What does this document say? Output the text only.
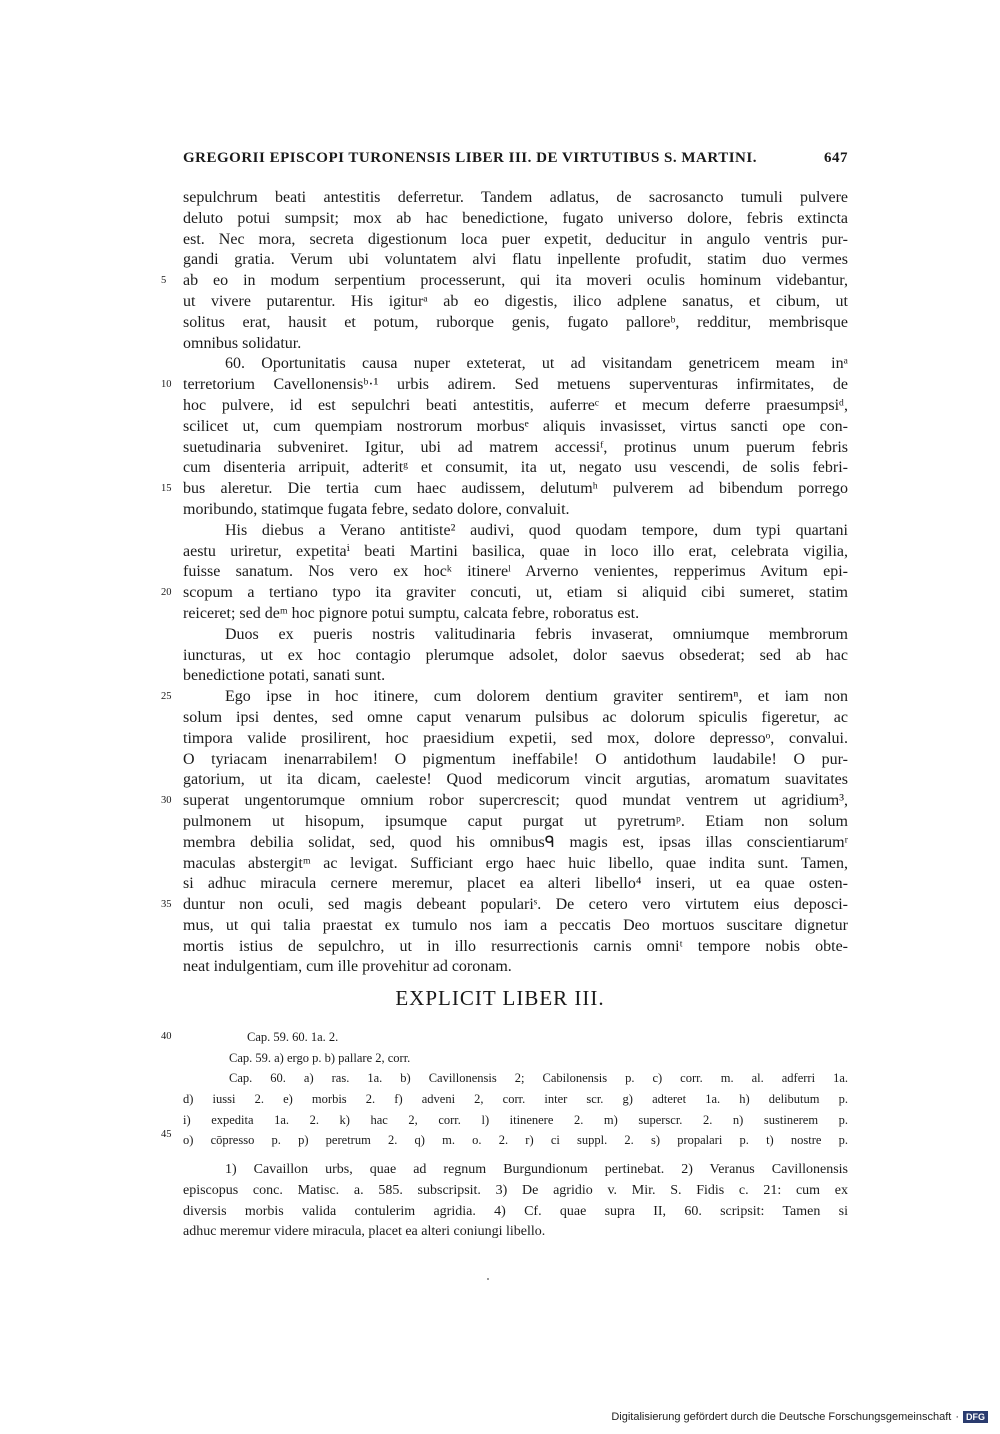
GREGORII EPISCOPI TURONENSIS LIBER III. DE VIRTUTIBUS S. MARTINI.	647
sepulchrum beati antestitis deferretur. Tandem adlatus, de sacrosancto tumuli pulvere
deluto potui sumpsit; mox ab hac benedictione, fugato universo dolore, febris extincta
est. Nec mora, secreta digestionum loca puer expetit, deducitur in angulo ventris pur-
gandi gratia. Verum ubi voluntatem alvi flatu inpellente profudit, statim duo vermes
ab eo in modum serpentium processerunt, qui ita moveri oculis hominum videbantur,
ut vivere putarentur. His igiturᵃ ab eo digestis, ilico adplene sanatus, et cibum, ut
solitus erat, hausit et potum, ruborque genis, fugato palloreᵇ, redditur, membrisque
omnibus solidatur.
60. Oportunitatis causa nuper exteterat, ut ad visitandam genetricem meam inᵃ
terretorium Cavellonensisᵇ·¹ urbis adirem. Sed metuens superventuras infirmitates, de
hoc pulvere, id est sepulchri beati antestitis, auferreᶜ et mecum deferre praesumpsiᵈ,
scilicet ut, cum quempiam nostrorum morbusᵉ aliquis invasisset, virtus sancti ope con-
suetudinaria subveniret. Igitur, ubi ad matrem accessiᶠ, protinus unum puerum febris
cum disenteria arripuit, adteritᵍ et consumit, ita ut, negato usu vescendi, de solis febri-
bus aleretur. Die tertia cum haec audissem, delutumʰ pulverem ad bibendum porrego
moribundo, statimque fugata febre, sedato dolore, convaluit.
His diebus a Verano antitiste² audivi, quod quodam tempore, dum typi quartani
aestu uriretur, expetitaⁱ beati Martini basilica, quae in loco illo erat, celebrata vigilia,
fuisse sanatum. Nos vero ex hocᵏ itinereˡ Arverno venientes, repperimus Avitum epi-
scopum a tertiano typo ita graviter concuti, ut, etiam si aliquid cibi sumeret, statim
reiceret; sed deᵐ hoc pignore potui sumptu, calcata febre, roboratus est.
Duos ex pueris nostris valitudinaria febris invaserat, omniumque membrorum
iuncturas, ut ex hoc contagio plerumque adsolet, dolor saevus obsederat; sed ab hac
benedictione potati, sanati sunt.
Ego ipse in hoc itinere, cum dolorem dentium graviter sentiremⁿ, et iam non
solum ipsi dentes, sed omne caput venarum pulsibus ac dolorum spiculis figeretur, ac
timpora valide prosilirent, hoc praesidium expetii, sed mox, dolore depressoᵒ, convalui.
O tyriacam inenarrabilem! O pigmentum ineffabile! O antidothum laudabile! O pur-
gatorium, ut ita dicam, caeleste! Quod medicorum vincit argutias, aromatum suavitates
superat ungentorumque omnium robor supercrescit; quod mundat ventrem ut agridium³,
pulmonem ut hisopum, ipsumque caput purgat ut pyretrumᵖ. Etiam non solum
membra debilia solidat, sed, quod his omnibusᑫ magis est, ipsas illas conscientiarumʳ
maculas abstergitᵐ ac levigat. Sufficiant ergo haec huic libello, quae indita sunt. Tamen,
si adhuc miracula cernere meremur, placet ea alteri libello⁴ inseri, ut ea quae osten-
duntur non oculi, sed magis debeant populariˢ. De cetero vero virtutem eius deposci-
mus, ut qui talia praestat ex tumulo nos iam a peccatis Deo mortuos suscitare dignetur
mortis istius de sepulchro, ut in illo resurrectionis carnis omniᵗ tempore nobis obte-
neat indulgentiam, cum ille provehitur ad coronam.
5
10
15
20
25
30
35
EXPLICIT LIBER III.
40
45
Cap. 59. 60. 1a. 2.
Cap. 59. a) ergo p. b) pallare 2, corr.
Cap. 60. a) ras. 1a. b) Cavillonensis 2; Cabilonensis p. c) corr. m. al. adferri 1a.
d) iussi 2. e) morbis 2. f) adveni 2, corr. inter scr. g) adteret 1a. h) delibutum p.
i) expedita 1a. 2. k) hac 2, corr. l) itinenere 2. m) superscr. 2. n) sustinerem p.
o) cōpresso p. p) peretrum 2. q) m. o. 2. r) ci suppl. 2. s) propalari p. t) nostre p.
1) Cavaillon urbs, quae ad regnum Burgundionum pertinebat. 2) Veranus Cavillonensis
episcopus conc. Matisc. a. 585. subscripsit. 3) De agridio v. Mir. S. Fidis c. 21: cum ex
diversis morbis valida contulerim agridia. 4) Cf. quae supra II, 60. scripsit: Tamen si
adhuc meremur videre miracula, placet ea alteri coniungi libello.
Digitalisierung gefördert durch die Deutsche Forschungsgemeinschaft · DFG
